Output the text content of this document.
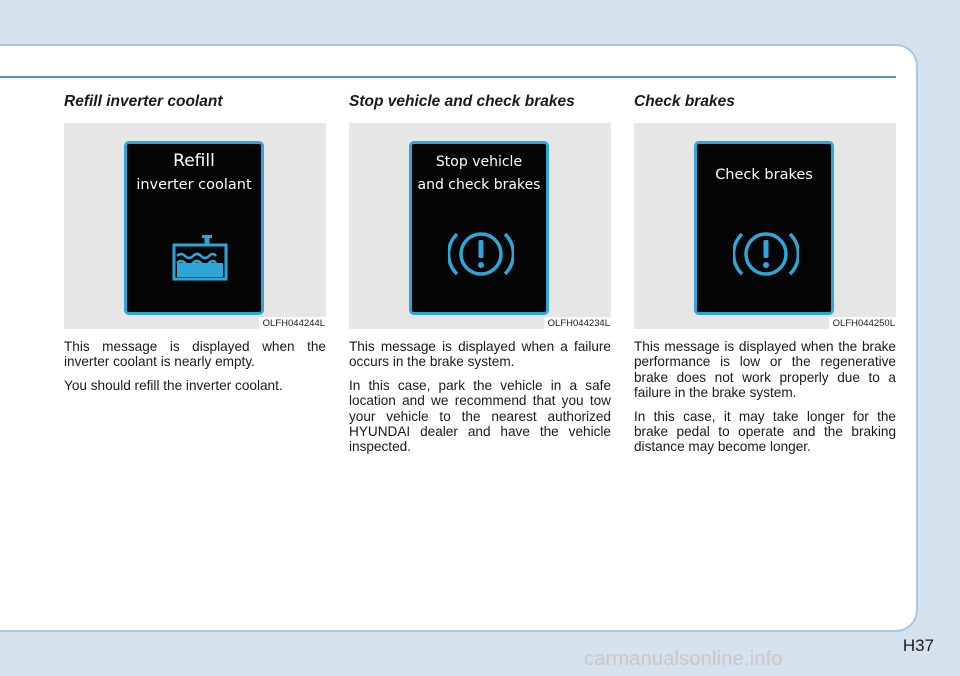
Refill inverter coolant
Refill
inverter coolant
OLFH044244L

This message is displayed when the inverter coolant is nearly empty.

You should refill the inverter coolant.

Stop vehicle and check brakes
Stop vehicle
and check brakes
OLFH044234L

This message is displayed when a failure occurs in the brake system.

In this case, park the vehicle in a safe location and we recommend that you tow your vehicle to the nearest authorized HYUNDAI dealer and have the vehicle inspected.

Check brakes
Check brakes
OLFH044250L

This message is displayed when the brake performance is low or the regenerative brake does not work properly due to a failure in the brake system.

In this case, it may take longer for the brake pedal to operate and the braking distance may become longer.

H37
carmanualsonline.info
